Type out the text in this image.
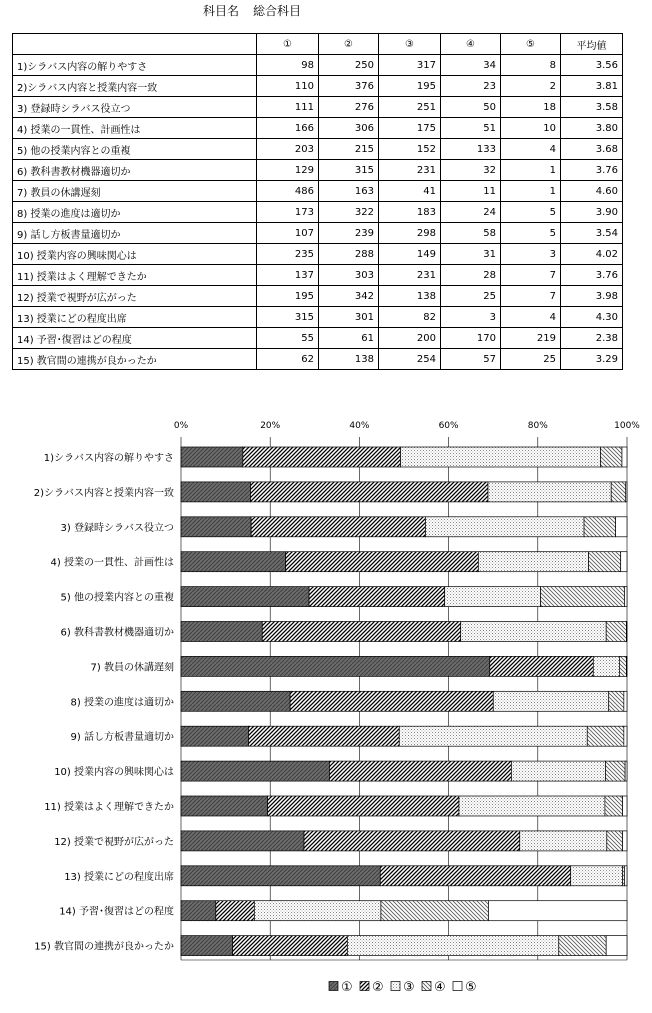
科目名 総合科目
	①	②	③	④	⑤	平均値
1)シラバス内容の解りやすさ	98	250	317	34	8	3.56
2)シラバス内容と授業内容一致	110	376	195	23	2	3.81
3) 登録時シラバス役立つ	111	276	251	50	18	3.58
4) 授業の一貫性、計画性は	166	306	175	51	10	3.80
5) 他の授業内容との重複	203	215	152	133	4	3.68
6) 教科書教材機器適切か	129	315	231	32	1	3.76
7) 教員の休講遅刻	486	163	41	11	1	4.60
8) 授業の進度は適切か	173	322	183	24	5	3.90
9) 話し方板書量適切か	107	239	298	58	5	3.54
10) 授業内容の興味関心は	235	288	149	31	3	4.02
11) 授業はよく理解できたか	137	303	231	28	7	3.76
12) 授業で視野が広がった	195	342	138	25	7	3.98
13) 授業にどの程度出席	315	301	82	3	4	4.30
14) 予習･復習はどの程度	55	61	200	170	219	2.38
15) 教官間の連携が良かったか	62	138	254	57	25	3.29
0%	20%	40%	60%	80%	100%
1)シラバス内容の解りやすさ
2)シラバス内容と授業内容一致
3) 登録時シラバス役立つ
4) 授業の一貫性、計画性は
5) 他の授業内容との重複
6) 教科書教材機器適切か
7) 教員の休講遅刻
8) 授業の進度は適切か
9) 話し方板書量適切か
10) 授業内容の興味関心は
11) 授業はよく理解できたか
12) 授業で視野が広がった
13) 授業にどの程度出席
14) 予習･復習はどの程度
15) 教官間の連携が良かったか
① ② ③ ④ ⑤
